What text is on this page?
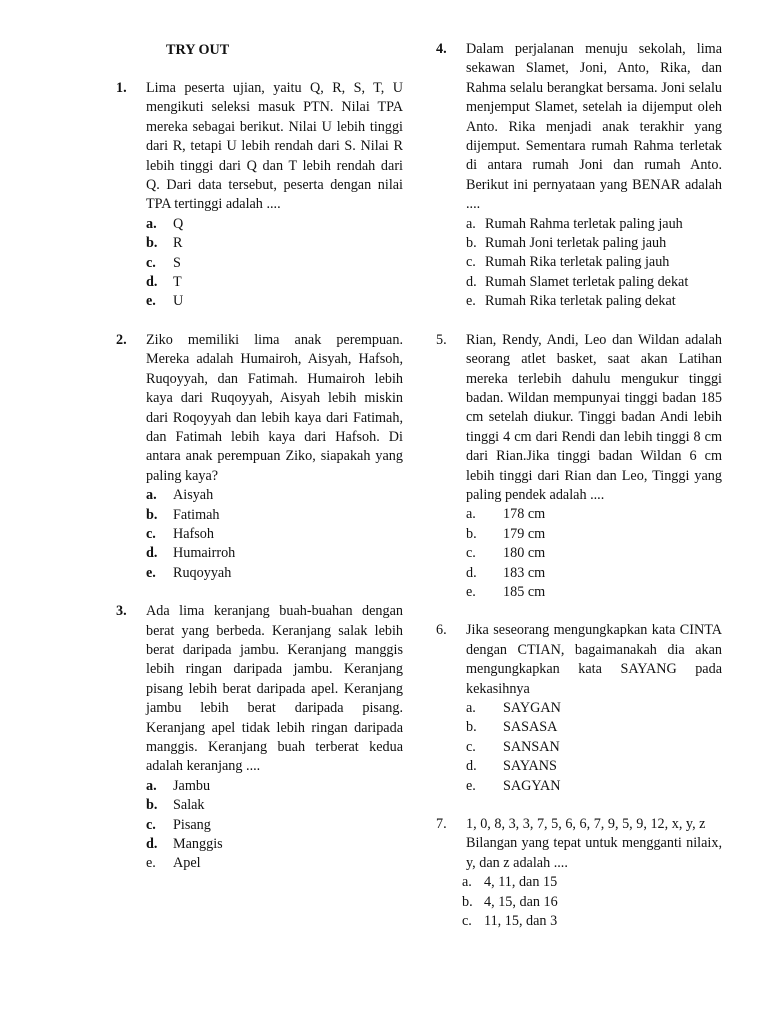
TRY OUT
1.	Lima peserta ujian, yaitu Q, R, S, T, U mengikuti seleksi masuk PTN. Nilai TPA mereka sebagai berikut. Nilai U lebih tinggi dari R, tetapi U lebih rendah dari S. Nilai R lebih tinggi dari Q dan T lebih rendah dari Q. Dari data tersebut, peserta dengan nilai TPA tertinggi adalah ....

a.	Q
b.	R
c.	S
d.	T
e.	U
2.	Ziko memiliki lima anak perempuan. Mereka adalah Humairoh, Aisyah, Hafsoh, Ruqoyyah, dan Fatimah. Humairoh lebih kaya dari Ruqoyyah, Aisyah lebih miskin dari Roqoyyah dan lebih kaya dari Fatimah, dan Fatimah lebih kaya dari Hafsoh. Di antara anak perempuan Ziko, siapakah yang paling kaya?

a.	Aisyah
b.	Fatimah
c.	Hafsoh
d.	Humairroh
e.	Ruqoyyah
3.	Ada lima keranjang buah-buahan dengan berat yang berbeda. Keranjang salak lebih berat daripada jambu. Keranjang manggis lebih ringan daripada jambu. Keranjang pisang lebih berat daripada apel. Keranjang jambu lebih berat daripada pisang. Keranjang apel tidak lebih ringan daripada manggis. Keranjang buah terberat kedua adalah keranjang ....

a.	Jambu
b.	Salak
c.	Pisang
d.	Manggis
e.	Apel
4.	Dalam perjalanan menuju sekolah, lima sekawan Slamet, Joni, Anto, Rika, dan Rahma selalu berangkat bersama. Joni selalu menjemput Slamet, setelah ia dijemput oleh Anto. Rika menjadi anak terakhir yang dijemput. Sementara rumah Rahma terletak di antara rumah Joni dan rumah Anto. Berikut ini pernyataan yang BENAR adalah ....

a. Rumah Rahma terletak paling jauh
b. Rumah Joni terletak paling jauh
c. Rumah Rika terletak paling jauh
d. Rumah Slamet terletak paling dekat
e. Rumah Rika terletak paling dekat
5.	Rian, Rendy, Andi, Leo dan Wildan adalah seorang atlet basket, saat akan Latihan mereka terlebih dahulu mengukur tinggi badan. Wildan mempunyai tinggi badan 185 cm setelah diukur. Tinggi badan Andi lebih tinggi 4 cm dari Rendi dan lebih tinggi 8 cm dari Rian.Jika tinggi badan Wildan 6 cm lebih tinggi dari Rian dan Leo, Tinggi yang paling pendek adalah ....

a.	178 cm
b.	179 cm
c.	180 cm
d.	183 cm
e.	185 cm
6.	Jika seseorang mengungkapkan kata CINTA dengan CTIAN, bagaimanakah dia akan mengungkapkan kata SAYANG pada kekasihnya

a.	SAYGAN
b.	SASASA
c.	SANSAN
d.	SAYANS
e.	SAGYAN
7.	1, 0, 8, 3, 3, 7, 5, 6, 6, 7, 9, 5, 9, 12, x, y, z

Bilangan yang tepat untuk mengganti nilaix, y, dan z adalah ....

a. 4, 11, dan 15
b. 4, 15, dan 16
c. 11, 15, dan 3
